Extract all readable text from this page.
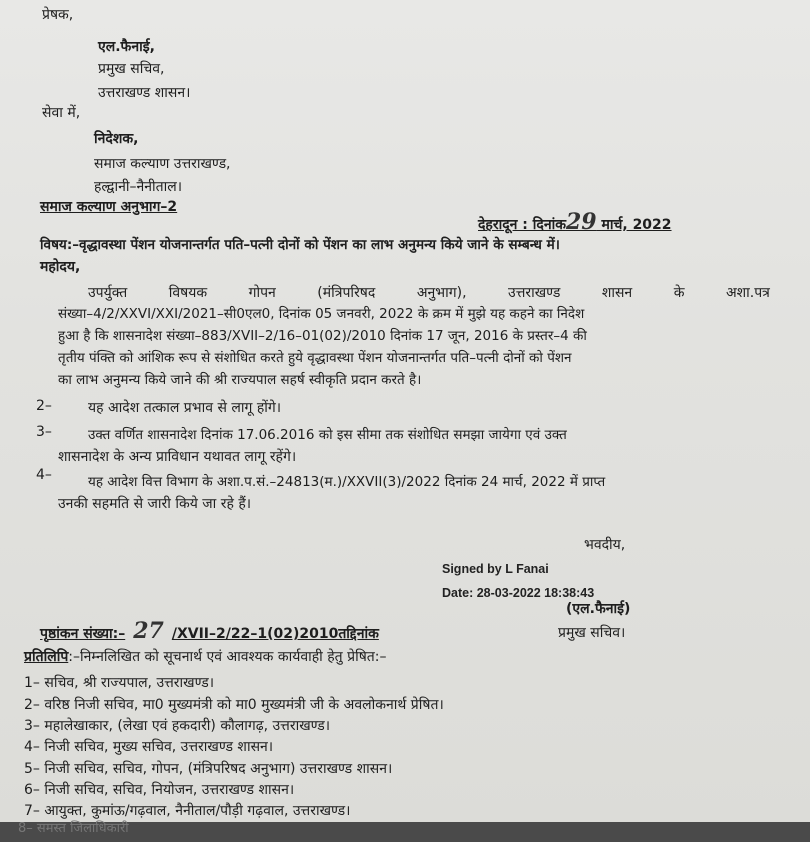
प्रेषक,
एल.फैनाई,
प्रमुख सचिव,
उत्तराखण्ड शासन।
सेवा में,
निदेशक,
समाज कल्याण उत्तराखण्ड,
हल्द्वानी–नैनीताल।
समाज कल्याण अनुभाग–2
देहरादून : दिनांक29 मार्च, 2022
विषय:–वृद्धावस्था पेंशन योजनान्तर्गत पति–पत्नी दोनों को पेंशन का लाभ अनुमन्य किये जाने के सम्बन्ध में।
महोदय,
उपर्युक्त	विषयक	गोपन	(मंत्रिपरिषद	अनुभाग),	उत्तराखण्ड	शासन	के	अशा.पत्र
संख्या–4/2/XXVI/XXI/2021–सी0एल0, दिनांक 05 जनवरी, 2022 के क्रम में मुझे यह कहने का निदेश
हुआ है कि शासनादेश संख्या–883/XVII–2/16–01(02)/2010 दिनांक 17 जून, 2016 के प्रस्तर–4 की
तृतीय पंक्ति को आंशिक रूप से संशोधित करते हुये वृद्धावस्था पेंशन योजनान्तर्गत पति–पत्नी दोनों को पेंशन
का लाभ अनुमन्य किये जाने की श्री राज्यपाल सहर्ष स्वीकृति प्रदान करते है।
2–	यह आदेश तत्काल प्रभाव से लागू होंगे।
3–	उक्त वर्णित शासनादेश दिनांक 17.06.2016 को इस सीमा तक संशोधित समझा जायेगा एवं उक्त
शासनादेश के अन्य प्राविधान यथावत लागू रहेंगे।
4–	यह आदेश वित्त विभाग के अशा.प.सं.–24813(म.)/XXVII(3)/2022 दिनांक 24 मार्च, 2022 में प्राप्त
उनकी सहमति से जारी किये जा रहे हैं।
भवदीय,
Signed by L Fanai
Date: 28-03-2022 18:38:43
(एल.फैनाई)
प्रमुख सचिव।
पृष्ठांकन संख्या:– 27 /XVII–2/22–1(02)2010तद्दिनांक
प्रतिलिपि:–निम्नलिखित को सूचनार्थ एवं आवश्यक कार्यवाही हेतु प्रेषित:–
1– सचिव, श्री राज्यपाल, उत्तराखण्ड।
2– वरिष्ठ निजी सचिव, मा0 मुख्यमंत्री को मा0 मुख्यमंत्री जी के अवलोकनार्थ प्रेषित।
3– महालेखाकार, (लेखा एवं हकदारी) कौलागढ़, उत्तराखण्ड।
4– निजी सचिव, मुख्य सचिव, उत्तराखण्ड शासन।
5– निजी सचिव, सचिव, गोपन, (मंत्रिपरिषद अनुभाग) उत्तराखण्ड शासन।
6– निजी सचिव, सचिव, नियोजन, उत्तराखण्ड शासन।
7– आयुक्त, कुमांऊ/गढ़वाल, नैनीताल/पौड़ी गढ़वाल, उत्तराखण्ड।
8– समस्त जिलाधिकारी
